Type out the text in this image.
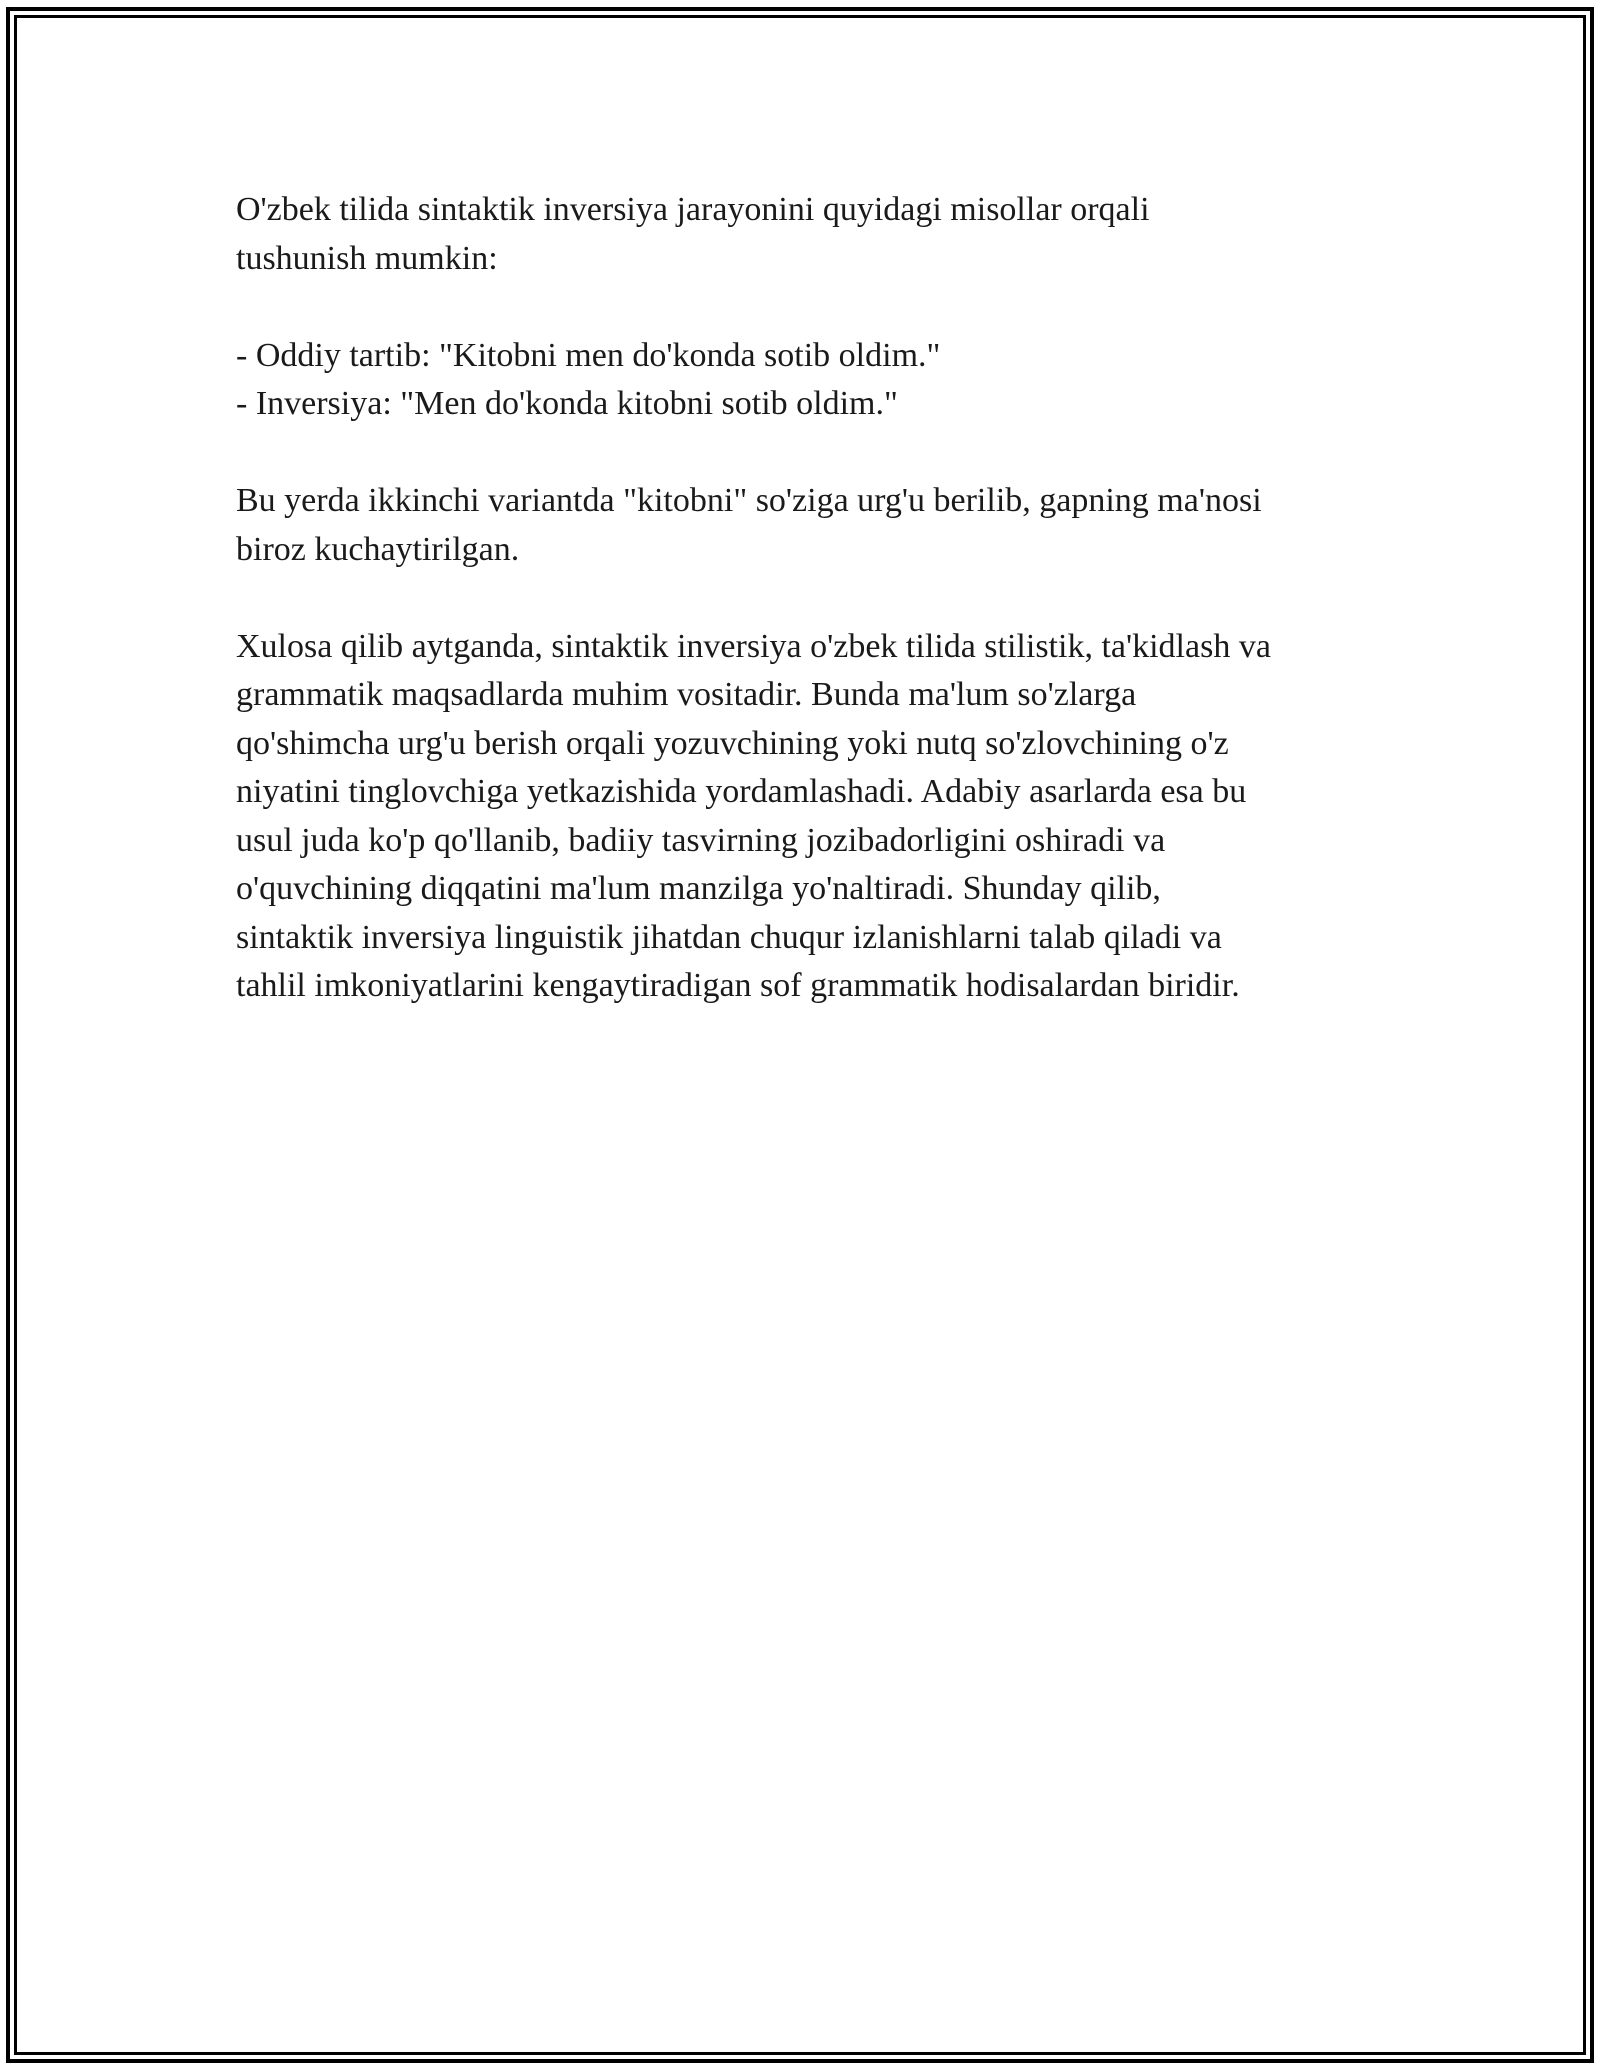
O'zbek tilida sintaktik inversiya jarayonini quyidagi misollar orqali

tushunish mumkin:

- Oddiy tartib: "Kitobni men do'konda sotib oldim."

- Inversiya: "Men do'konda kitobni sotib oldim."

Bu yerda ikkinchi variantda "kitobni" so'ziga urg'u berilib, gapning ma'nosi

biroz kuchaytirilgan.

Xulosa qilib aytganda, sintaktik inversiya o'zbek tilida stilistik, ta'kidlash va

grammatik maqsadlarda muhim vositadir. Bunda ma'lum so'zlarga

qo'shimcha urg'u berish orqali yozuvchining yoki nutq so'zlovchining o'z

niyatini tinglovchiga yetkazishida yordamlashadi. Adabiy asarlarda esa bu

usul juda ko'p qo'llanib, badiiy tasvirning jozibadorligini oshiradi va

o'quvchining diqqatini ma'lum manzilga yo'naltiradi. Shunday qilib,

sintaktik inversiya linguistik jihatdan chuqur izlanishlarni talab qiladi va

tahlil imkoniyatlarini kengaytiradigan sof grammatik hodisalardan biridir.
